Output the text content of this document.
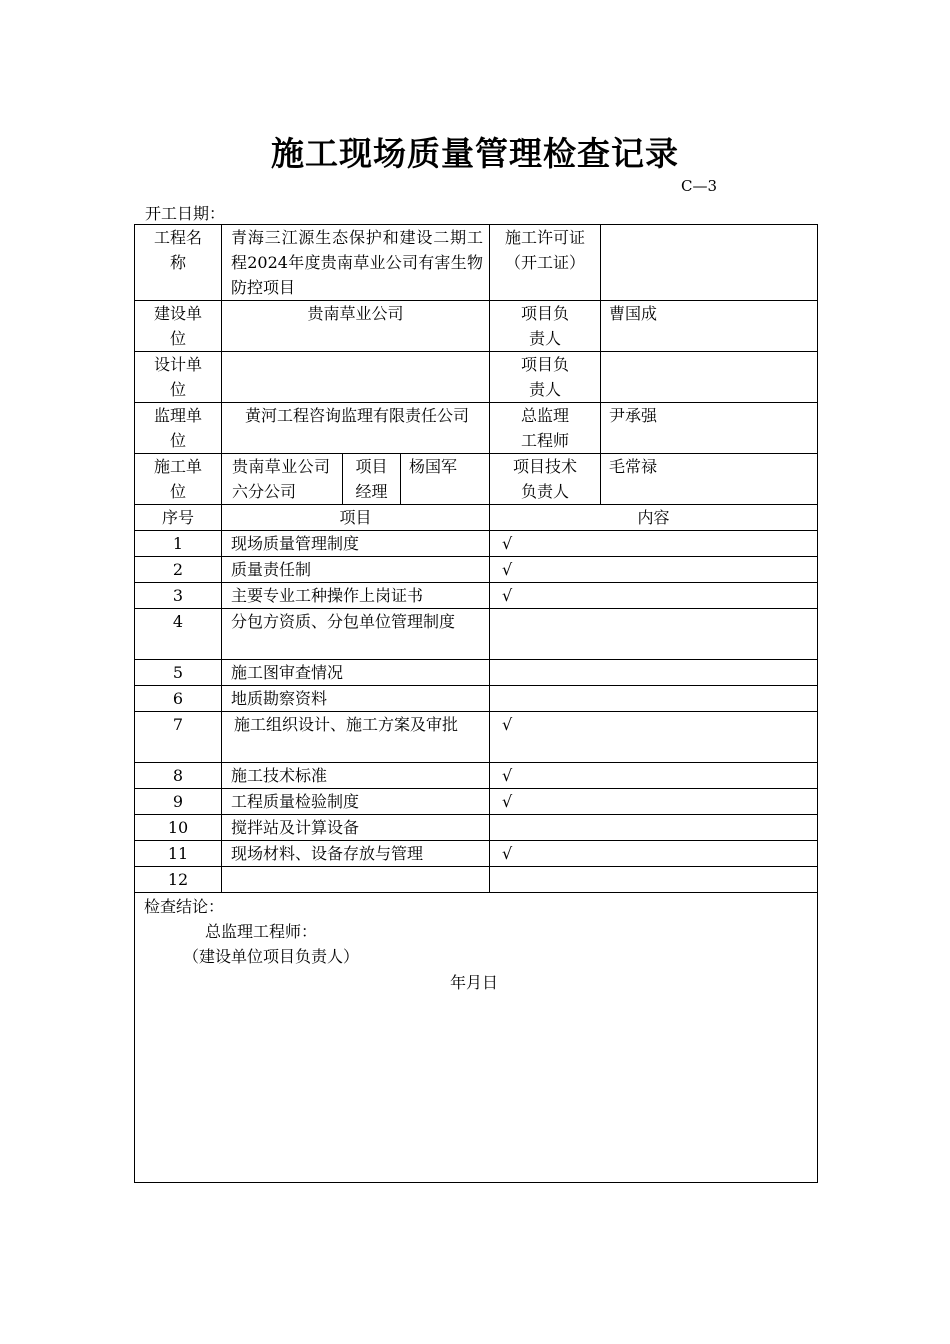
施工现场质量管理检查记录
C—3
开工日期：
工程名称	青海三江源生态保护和建设二期工程2024年度贵南草业公司有害生物防控项目			施工许可证（开工证）	
建设单位	贵南草业公司			项目负责人	曹国成
设计单位				项目负责人	
监理单位	黄河工程咨询监理有限责任公司			总监理工程师	尹承强
施工单位	贵南草业公司六分公司	项目经理	杨国军	项目技术负责人	毛常禄
序号	项目			内容	
1	现场质量管理制度			√	
2	质量责任制			√	
3	主要专业工种操作上岗证书			√	
4	分包方资质、分包单位管理制度				
5	施工图审查情况				
6	地质勘察资料				
7	施工组织设计、施工方案及审批			√	
8	施工技术标准			√	
9	工程质量检验制度			√	
10	搅拌站及计算设备				
11	现场材料、设备存放与管理			√	
12					

检查结论：
总监理工程师：
（建设单位项目负责人）
年月日					
